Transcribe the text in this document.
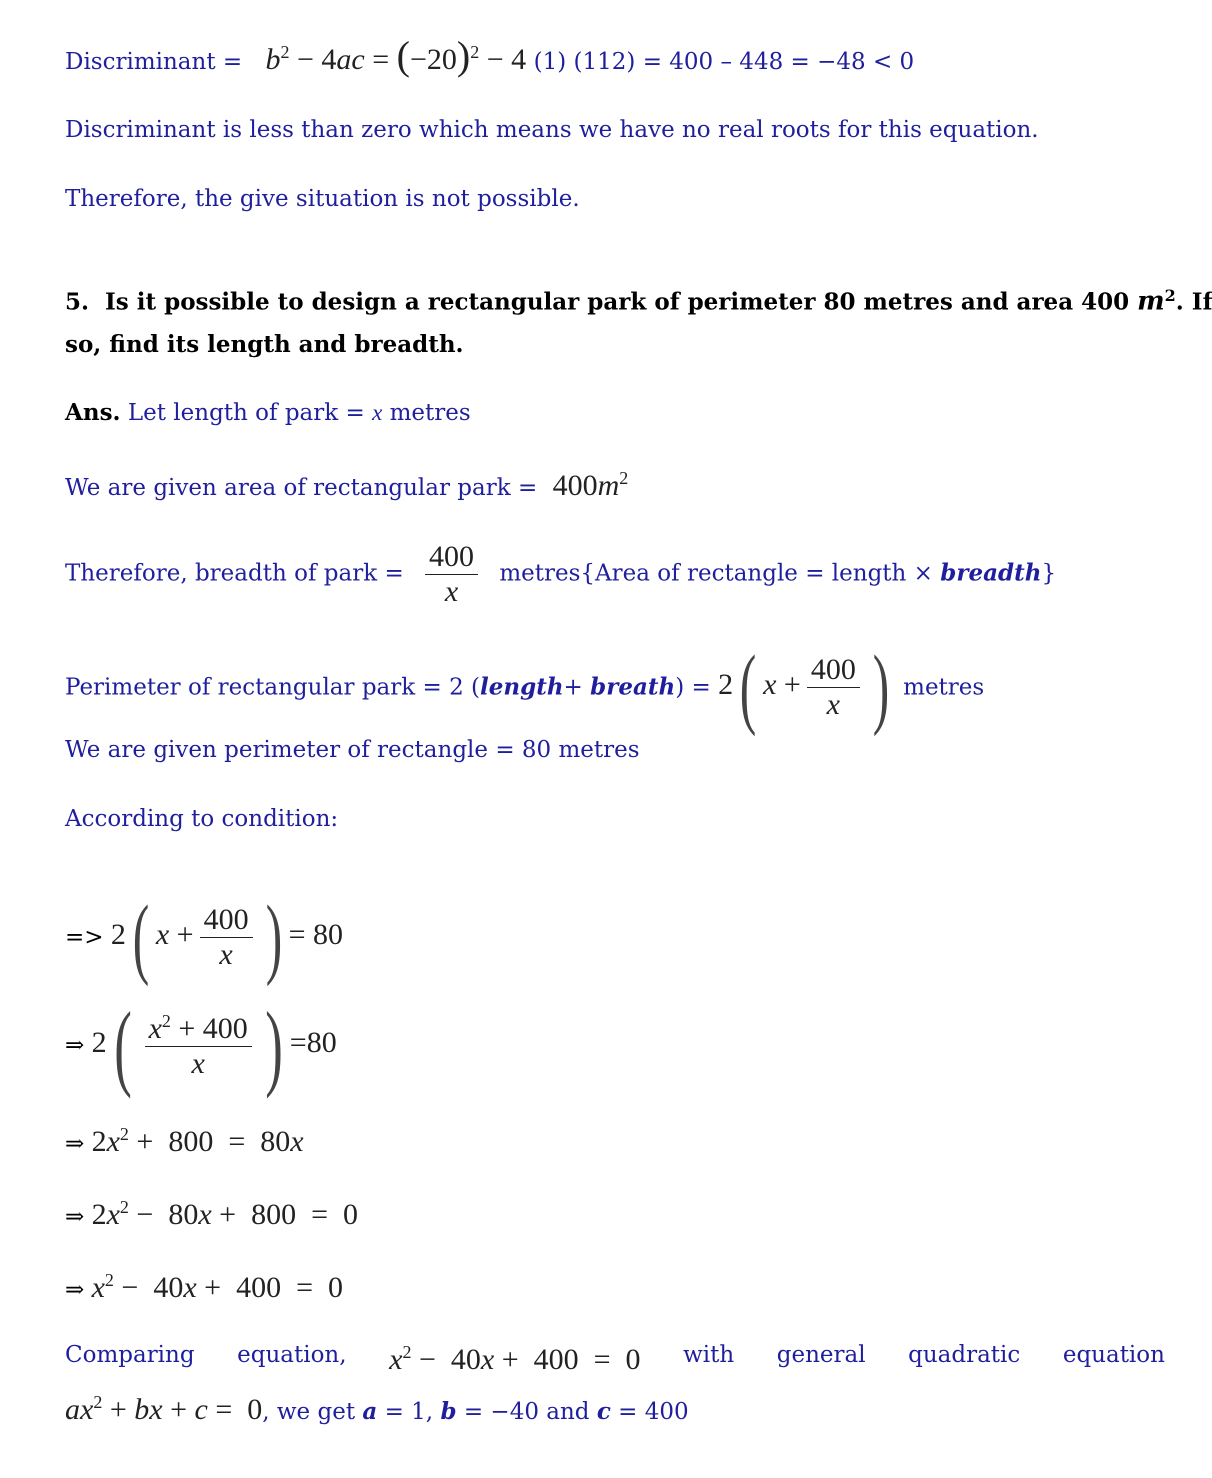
Discriminant = $b^2 - 4ac = (-20)^2 - 4$ (1) (112) = 400 – 448 = −48 < 0
Discriminant is less than zero which means we have no real roots for this equation.
Therefore, the give situation is not possible.
5. Is it possible to design a rectangular park of perimeter 80 metres and area 400 $m^2$. If
so, find its length and breadth.
Ans. Let length of park = x metres
We are given area of rectangular park = $400m^2$
Therefore, breadth of park = $\frac{400}{x}$ metres{Area of rectangle = length × breadth}
Perimeter of rectangular park = 2 (length+ breath) = 2( $x + \frac{400}{x}$ ) metres
We are given perimeter of rectangle = 80 metres
According to condition:
=> 2( $x + \frac{400}{x}$ ) = 80
⇒ $2( \frac{x^2 + 400}{x}$ ) =80
⇒ $2x^2 + 800 = 80x$
⇒ $2x^2 - 80x + 800 = 0$
⇒ $x^2 - 40x + 400 = 0$
Comparing equation, $x^2 - 40x + 400 = 0$ with general quadratic equation
$ax^2$ + bx + c =  0, we get a = 1, b = −40 and c = 400
